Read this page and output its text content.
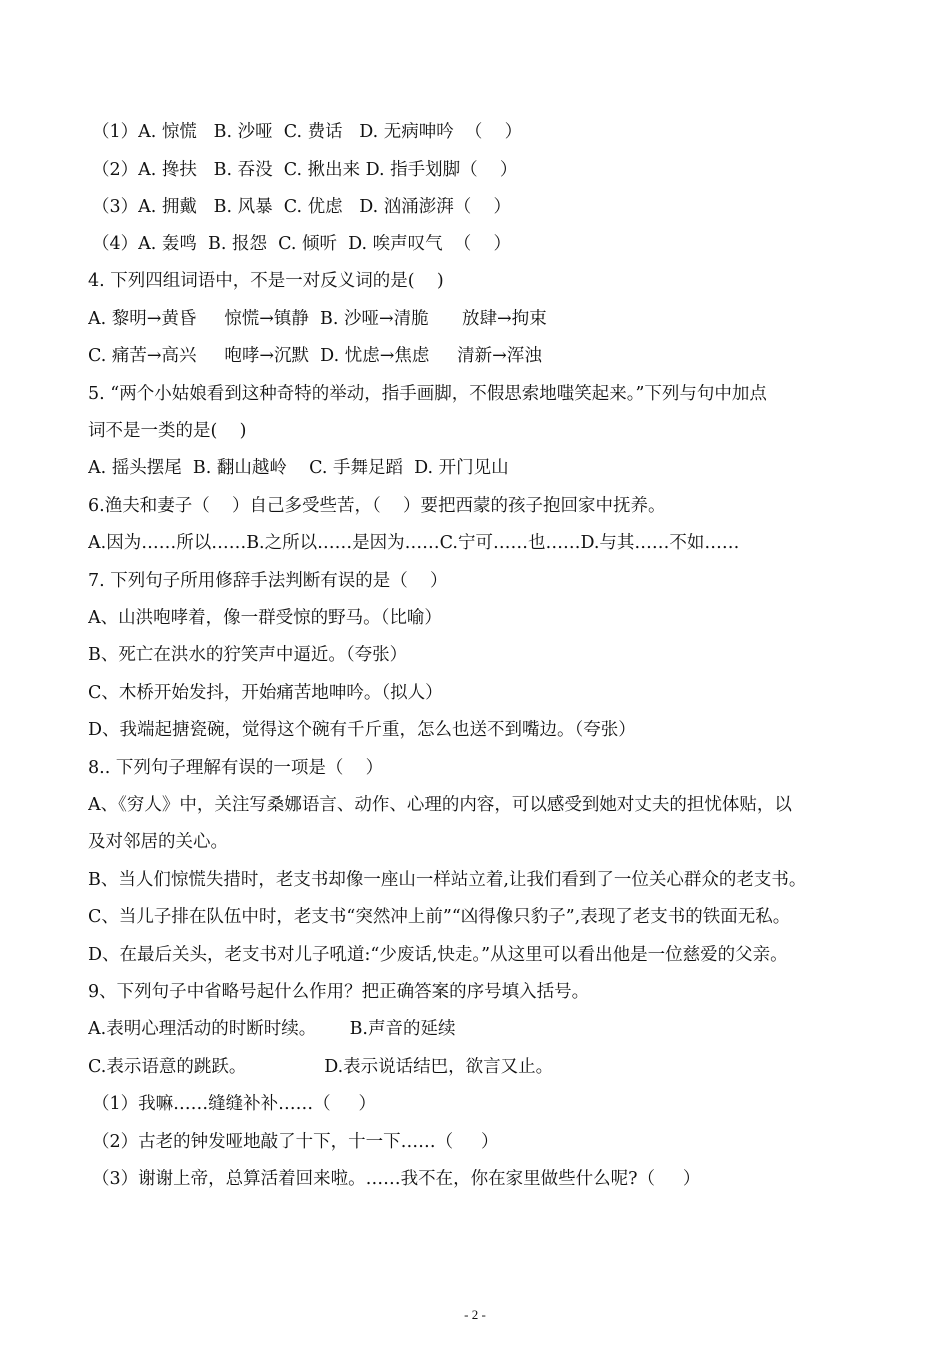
（1）A. 惊慌   B. 沙哑  C. 费话   D. 无病呻吟  （    ）
（2）A. 搀扶   B. 吞没  C. 揪出来 D. 指手划脚（    ）
（3）A. 拥戴   B. 风暴  C. 优虑   D. 汹涌澎湃（    ）
（4）A. 轰鸣  B. 报怨  C. 倾听  D. 唉声叹气  （    ）
4. 下列四组词语中，不是一对反义词的是(    )
A. 黎明→黄昏     惊慌→镇静  B. 沙哑→清脆      放肆→拘束
C. 痛苦→高兴     咆哮→沉默  D. 忧虑→焦虑     清新→浑浊
5. “两个小姑娘看到这种奇特的举动，指手画脚，不假思索地嗤笑起来。”下列与句中加点
词不是一类的是(    )
A. 摇头摆尾  B. 翻山越岭    C. 手舞足蹈  D. 开门见山
6.渔夫和妻子（    ）自己多受些苦，（    ）要把西蒙的孩子抱回家中抚养。
A.因为……所以……B.之所以……是因为……C.宁可……也……D.与其……不如……
7. 下列句子所用修辞手法判断有误的是（    ）
A、山洪咆哮着，像一群受惊的野马。（比喻）
B、死亡在洪水的狞笑声中逼近。（夸张）
C、木桥开始发抖，开始痛苦地呻吟。（拟人）
D、我端起搪瓷碗，觉得这个碗有千斤重，怎么也送不到嘴边。（夸张）
8.. 下列句子理解有误的一项是（    ）
A、《穷人》中，关注写桑娜语言、动作、心理的内容，可以感受到她对丈夫的担忧体贴，以
及对邻居的关心。
B、当人们惊慌失措时，老支书却像一座山一样站立着,让我们看到了一位关心群众的老支书。
C、当儿子排在队伍中时，老支书“突然冲上前”“凶得像只豹子”,表现了老支书的铁面无私。
D、在最后关头，老支书对儿子吼道:“少废话,快走。”从这里可以看出他是一位慈爱的父亲。
9、下列句子中省略号起什么作用？把正确答案的序号填入括号。
A.表明心理活动的时断时续。      B.声音的延续
C.表示语意的跳跃。              D.表示说话结巴，欲言又止。
（1）我嘛……缝缝补补……（     ）
（2）古老的钟发哑地敲了十下，十一下……（     ）
（3）谢谢上帝，总算活着回来啦。……我不在，你在家里做些什么呢?（     ）
- 2 -
